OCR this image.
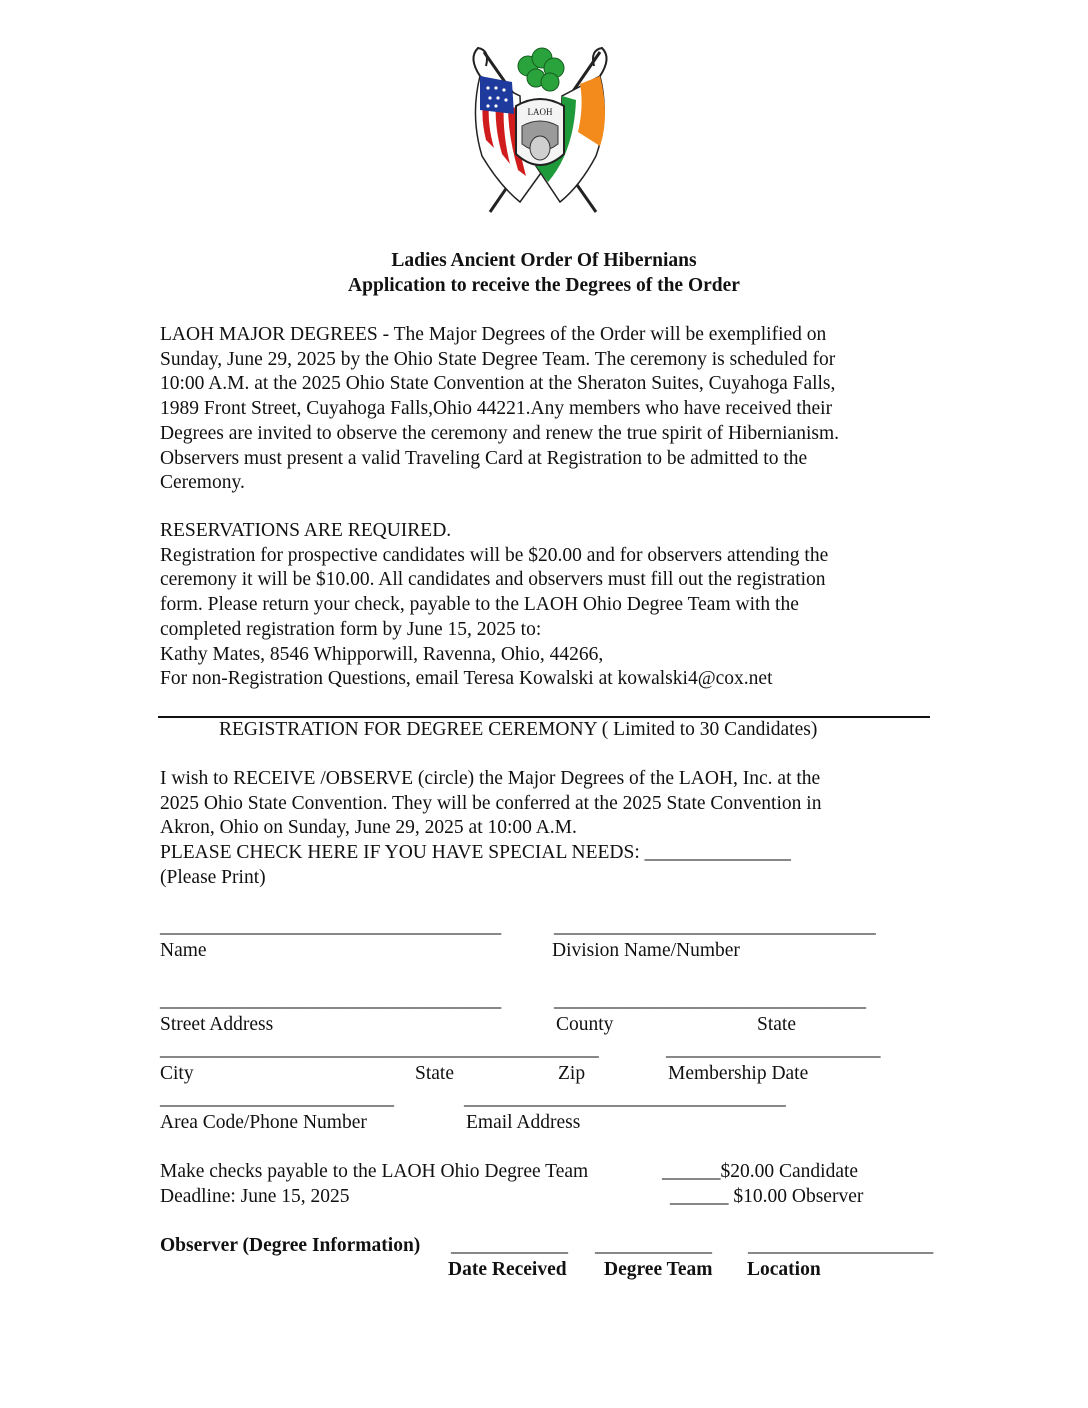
LAOH
Ladies Ancient Order Of Hibernians
Application to receive the Degrees of the Order
LAOH MAJOR DEGREES - The Major Degrees of the Order will be exemplified on
Sunday, June 29, 2025 by the Ohio State Degree Team. The ceremony is scheduled for
10:00 A.M. at the 2025 Ohio State Convention at the Sheraton Suites, Cuyahoga Falls,
1989 Front Street, Cuyahoga Falls,Ohio 44221.Any members who have received their
Degrees are invited to observe the ceremony and renew the true spirit of Hibernianism.
Observers must present a valid Traveling Card at Registration to be admitted to the
Ceremony.
RESERVATIONS ARE REQUIRED.
Registration for prospective candidates will be $20.00 and for observers attending the
ceremony it will be $10.00. All candidates and observers must fill out the registration
form. Please return your check, payable to the LAOH Ohio Degree Team with the
completed registration form by June 15, 2025 to:
Kathy Mates, 8546 Whipporwill, Ravenna, Ohio, 44266,
For non-Registration Questions, email Teresa Kowalski at kowalski4@cox.net
REGISTRATION FOR DEGREE CEREMONY ( Limited to 30 Candidates)
I wish to RECEIVE /OBSERVE (circle) the Major Degrees of the LAOH, Inc. at the
2025 Ohio State Convention. They will be conferred at the 2025 State Convention in
Akron, Ohio on Sunday, June 29, 2025 at 10:00 A.M.
PLEASE CHECK HERE IF YOU HAVE SPECIAL NEEDS: _______________
(Please Print)
___________________________________	_________________________________
Name	Division Name/Number
___________________________________	________________________________
Street Address	County	State
_____________________________________________	______________________
City	State	Zip	Membership Date
________________________	_________________________________
Area Code/Phone Number	Email Address
Make checks payable to the LAOH Ohio Degree Team	______$20.00 Candidate
Deadline: June 15, 2025	______ $10.00 Observer
Observer (Degree Information) ____________ ____________ ___________________
Date Received Degree Team Location
